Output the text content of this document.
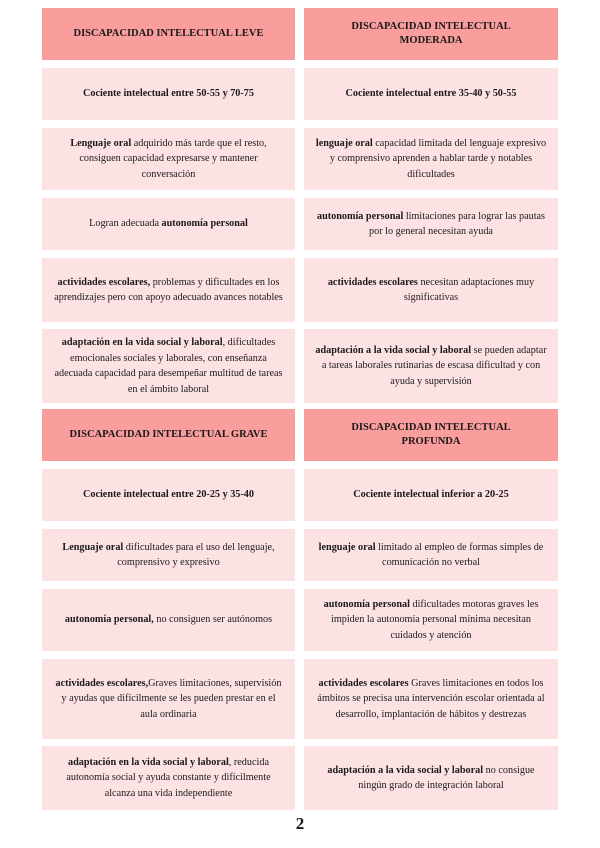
DISCAPACIDAD INTELECTUAL LEVE
DISCAPACIDAD INTELECTUAL MODERADA
Cociente intelectual entre 50-55 y 70-75	Cociente intelectual entre 35-40 y 50-55
Lenguaje oral adquirido más tarde que el resto, consiguen capacidad expresarse y mantener conversación
lenguaje oral capacidad limitada del lenguaje expresivo y comprensivo aprenden a hablar tarde y notables dificultades
Logran adecuada autonomía personal
autonomía personal limitaciones para lograr las pautas por lo general necesitan ayuda
actividades escolares, problemas y dificultades en los aprendizajes pero con apoyo adecuado avances notables
actividades escolares necesitan adaptaciones muy significativas
adaptación en la vida social y laboral, dificultades emocionales sociales y laborales, con enseñanza adecuada capacidad para desempeñar multitud de tareas en el ámbito laboral
adaptación a la vida social y laboral se pueden adaptar a tareas laborales rutinarias de escasa dificultad y con ayuda y supervisión
DISCAPACIDAD INTELECTUAL GRAVE
DISCAPACIDAD INTELECTUAL PROFUNDA
Cociente intelectual entre 20-25 y 35-40	Cociente intelectual inferior a 20-25
Lenguaje oral dificultades para el uso del lenguaje, comprensivo y expresivo
lenguaje oral limitado al empleo de formas simples de comunicación no verbal
autonomía personal, no consiguen ser autónomos
autonomía personal dificultades motoras graves les impiden la autonomía personal mínima necesitan cuidados y atención
actividades escolares,Graves limitaciones, supervisión y ayudas que difícilmente se les pueden prestar en el aula ordinaria
actividades escolares Graves limitaciones en todos los ámbitos se precisa una intervención escolar orientada al desarrollo, implantación de hábitos y destrezas
adaptación en la vida social y laboral, reducida autonomía social y ayuda constante y difícilmente alcanza una vida independiente
adaptación a la vida social y laboral no consigue ningún grado de integración laboral
2
